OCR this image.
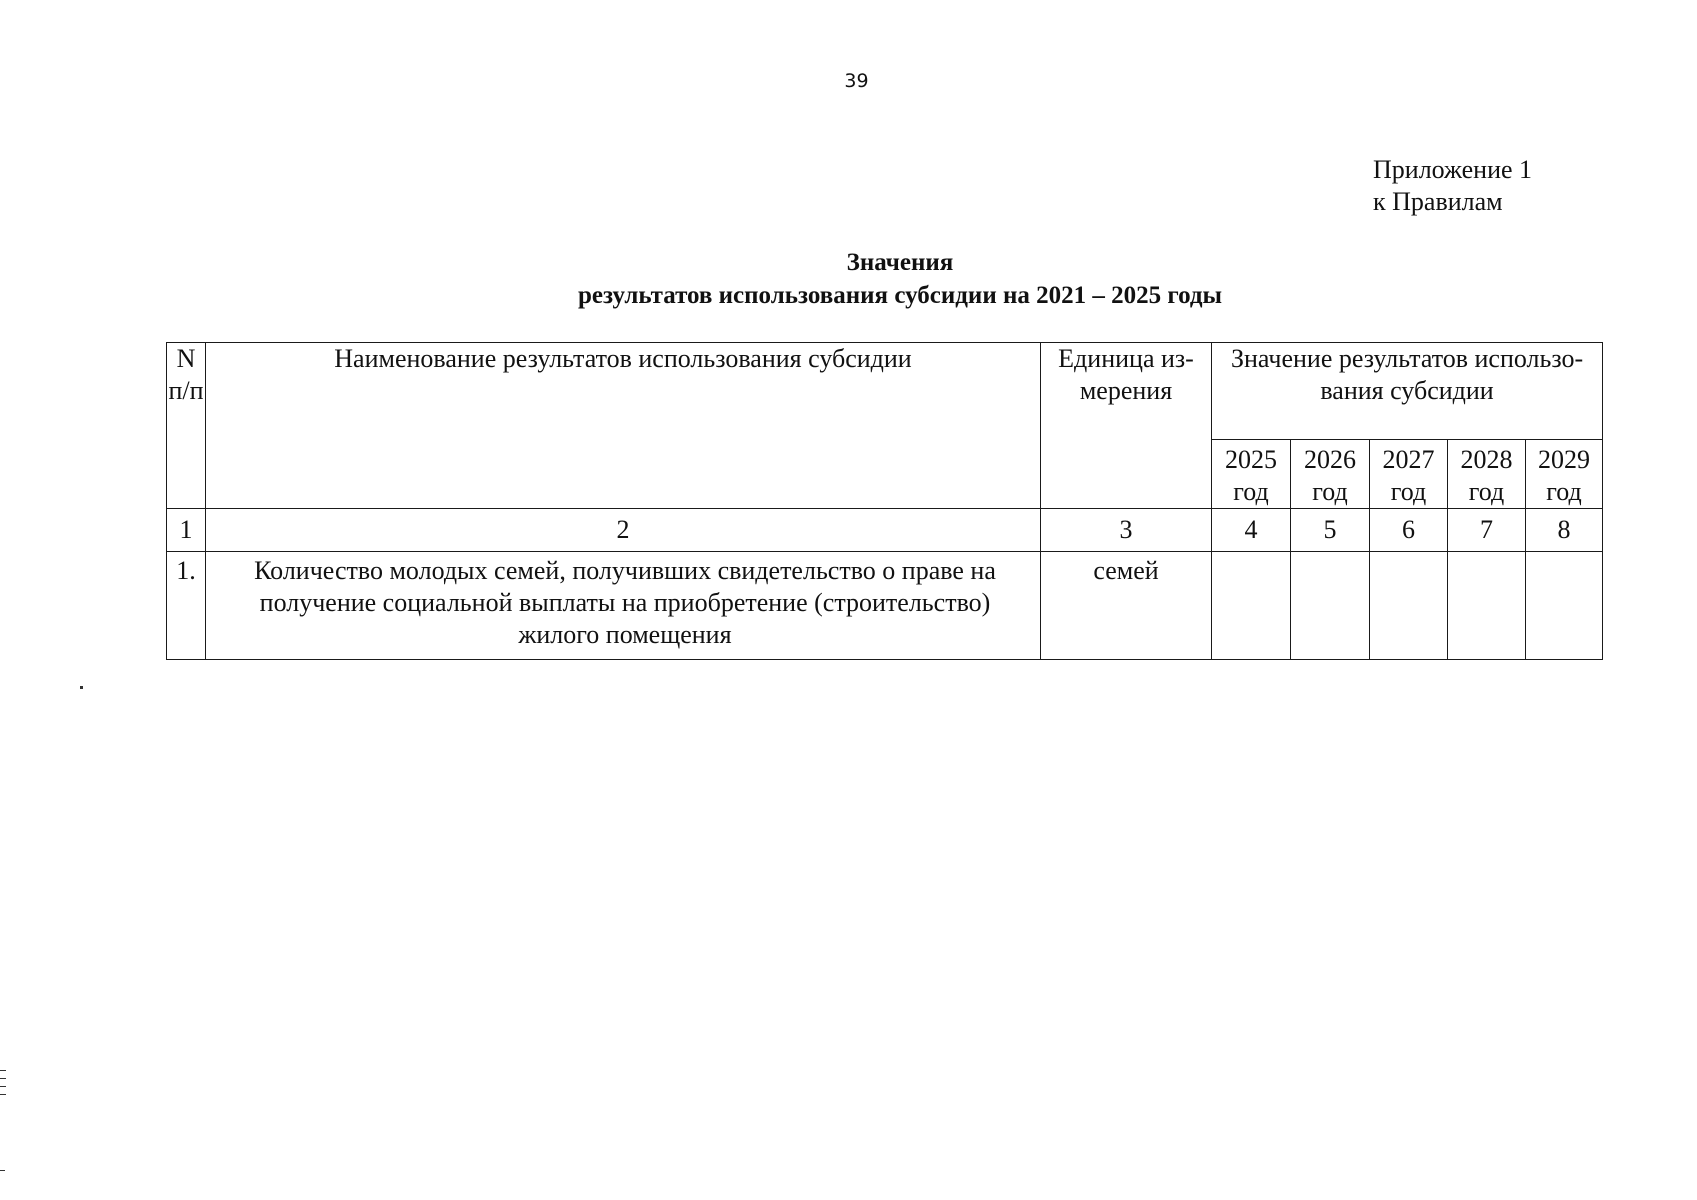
39
Приложение 1
к Правилам
Значения
результатов использования субсидии на 2021 – 2025 годы
N п/п	Наименование результатов использования субсидии	Единица из-мерения	Значение результатов использо-вания субсидии				
			2025 год	2026 год	2027 год	2028 год	2029 год
1	2	3	4	5	6	7	8
1.	Количество молодых семей, получивших свидетельство о праве на получение социальной выплаты на приобретение (строительство) жилого помещения	семей					
